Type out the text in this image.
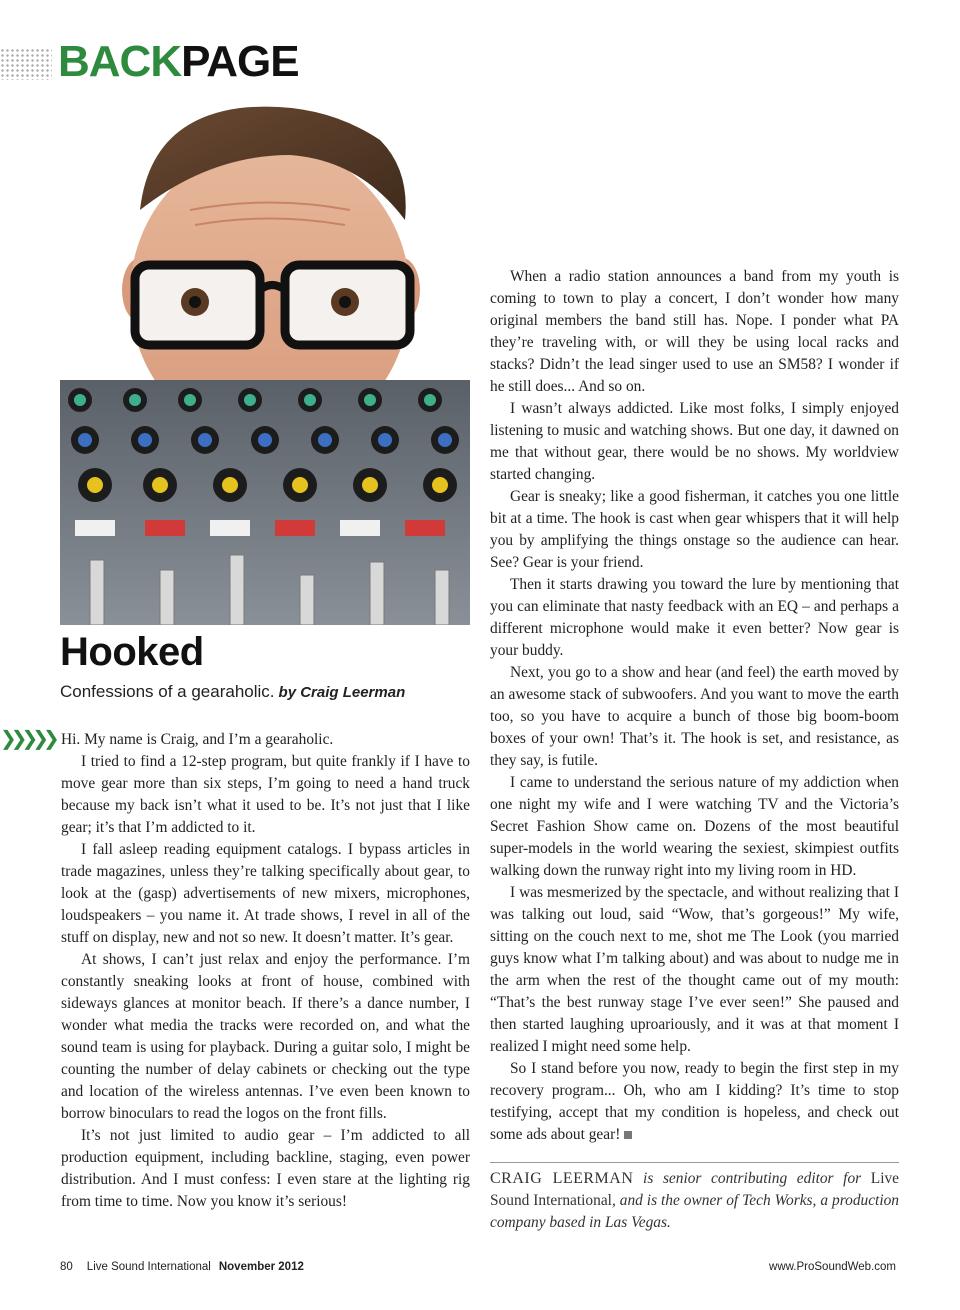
BACKPAGE
Hooked
Confessions of a gearaholic. by Craig Leerman
❯❯❯❯❯ Hi. My name is Craig, and I’m a gearaholic.

I tried to find a 12-step program, but quite frankly if I have to move gear more than six steps, I’m going to need a hand truck because my back isn’t what it used to be. It’s not just that I like gear; it’s that I’m addicted to it.

I fall asleep reading equipment catalogs. I bypass articles in trade magazines, unless they’re talking specifically about gear, to look at the (gasp) advertisements of new mixers, microphones, loudspeakers – you name it. At trade shows, I revel in all of the stuff on display, new and not so new. It doesn’t matter. It’s gear.

At shows, I can’t just relax and enjoy the performance. I’m constantly sneaking looks at front of house, combined with sideways glances at monitor beach. If there’s a dance number, I wonder what media the tracks were recorded on, and what the sound team is using for playback. During a guitar solo, I might be counting the number of delay cabinets or checking out the type and location of the wireless antennas. I’ve even been known to borrow binoculars to read the logos on the front fills.

It’s not just limited to audio gear – I’m addicted to all production equipment, including backline, staging, even power distribution. And I must confess: I even stare at the lighting rig from time to time. Now you know it’s serious!

When a radio station announces a band from my youth is coming to town to play a concert, I don’t wonder how many original members the band still has. Nope. I ponder what PA they’re traveling with, or will they be using local racks and stacks? Didn’t the lead singer used to use an SM58? I wonder if he still does... And so on.

I wasn’t always addicted. Like most folks, I simply enjoyed listening to music and watching shows. But one day, it dawned on me that without gear, there would be no shows. My worldview started changing.

Gear is sneaky; like a good fisherman, it catches you one little bit at a time. The hook is cast when gear whispers that it will help you by amplifying the things onstage so the audience can hear. See? Gear is your friend.

Then it starts drawing you toward the lure by mentioning that you can eliminate that nasty feedback with an EQ – and perhaps a different microphone would make it even better? Now gear is your buddy.

Next, you go to a show and hear (and feel) the earth moved by an awesome stack of subwoofers. And you want to move the earth too, so you have to acquire a bunch of those big boom-boom boxes of your own! That’s it. The hook is set, and resistance, as they say, is futile.

I came to understand the serious nature of my addiction when one night my wife and I were watching TV and the Victoria’s Secret Fashion Show came on. Dozens of the most beautiful super-models in the world wearing the sexiest, skimpiest outfits walking down the runway right into my living room in HD.

I was mesmerized by the spectacle, and without realizing that I was talking out loud, said “Wow, that’s gorgeous!” My wife, sitting on the couch next to me, shot me The Look (you married guys know what I’m talking about) and was about to nudge me in the arm when the rest of the thought came out of my mouth: “That’s the best runway stage I’ve ever seen!” She paused and then started laughing uproariously, and it was at that moment I realized I might need some help.

So I stand before you now, ready to begin the first step in my recovery program... Oh, who am I kidding? It’s time to stop testifying, accept that my condition is hopeless, and check out some ads about gear!

CRAIG LEERMAN is senior contributing editor for Live Sound International, and is the owner of Tech Works, a production company based in Las Vegas.
80 Live Sound International November 2012	www.ProSoundWeb.com
